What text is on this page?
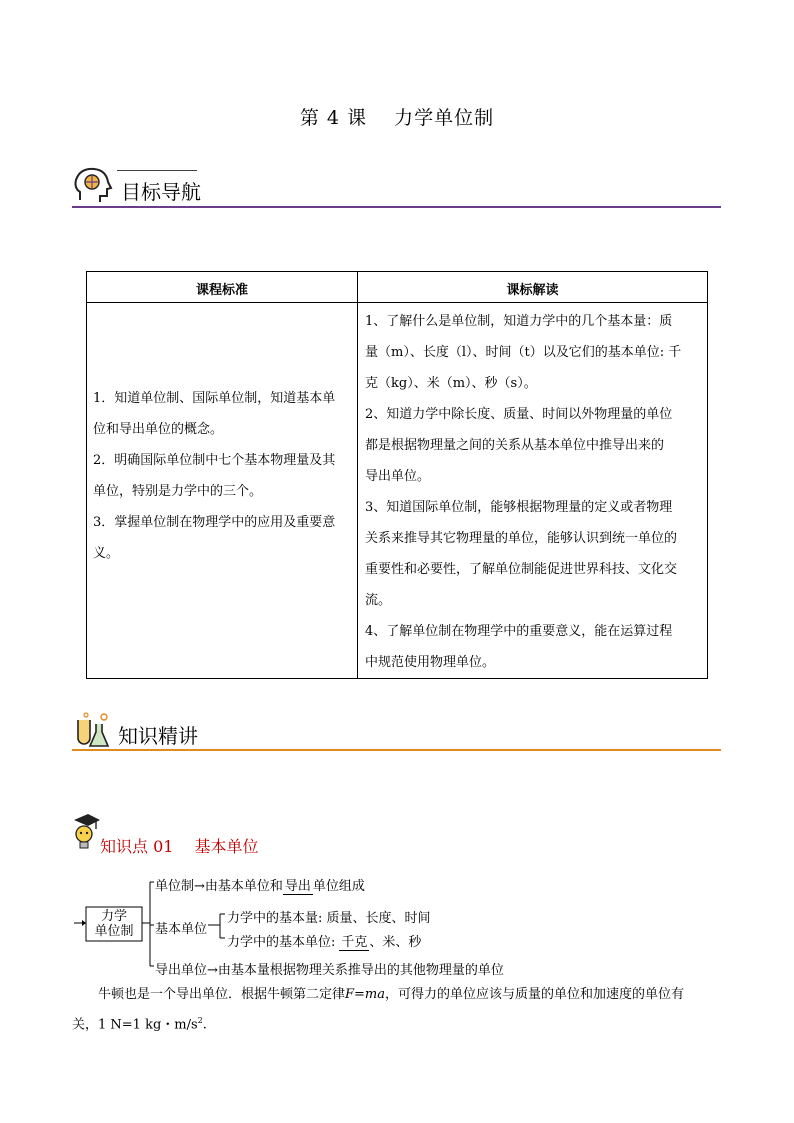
第 4 课　 力学单位制
目标导航
课程标准	课标解读
1．知道单位制、国际单位制，知道基本单
位和导出单位的概念。
2．明确国际单位制中七个基本物理量及其
单位，特别是力学中的三个。
3．掌握单位制在物理学中的应用及重要意
义。
1、了解什么是单位制，知道力学中的几个基本量：质
量（m）、长度（l）、时间（t）以及它们的基本单位: 千
克（kg）、米（m）、秒（s）。
2、知道力学中除长度、质量、时间以外物理量的单位
都是根据物理量之间的关系从基本单位中推导出来的
导出单位。
3、知道国际单位制，能够根据物理量的定义或者物理
关系来推导其它物理量的单位，能够认识到统一单位的
重要性和必要性，了解单位制能促进世界科技、文化交
流。
4、了解单位制在物理学中的重要意义，能在运算过程
中规范使用物理单位。
知识精讲
知识点 01　 基本单位
力学
单位制
单位制→由基本单位和 导出 单位组成
基本单位
力学中的基本量: 质量、长度、时间
力学中的基本单位: 千克 、米、秒
导出单位→由基本量根据物理关系推导出的其他物理量的单位
牛顿也是一个导出单位．根据牛顿第二定律F=ma，可得力的单位应该与质量的单位和加速度的单位有
关，1 N=1 kg・$m/s^2$.
